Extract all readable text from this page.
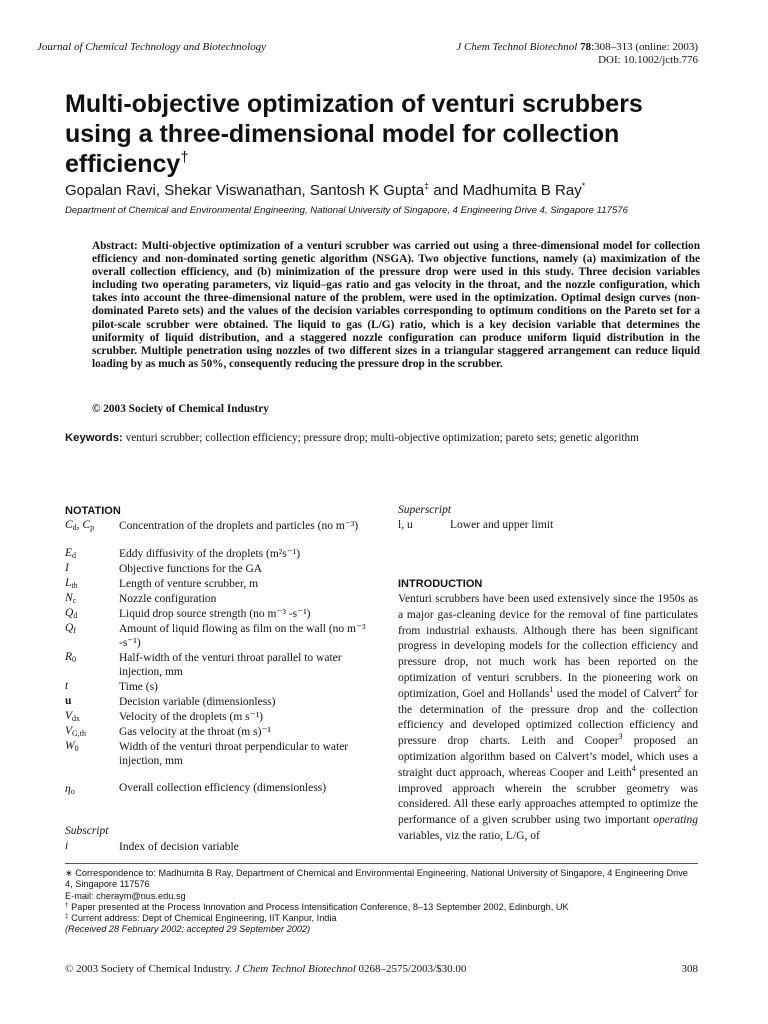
Journal of Chemical Technology and Biotechnology	J Chem Technol Biotechnol 78:308–313 (online: 2003)
DOI: 10.1002/jctb.776
Multi-objective optimization of venturi scrubbers using a three-dimensional model for collection efficiency†
Gopalan Ravi, Shekar Viswanathan, Santosh K Gupta‡ and Madhumita B Ray*
Department of Chemical and Environmental Engineering, National University of Singapore, 4 Engineering Drive 4, Singapore 117576
Abstract: Multi-objective optimization of a venturi scrubber was carried out using a three-dimensional model for collection efficiency and non-dominated sorting genetic algorithm (NSGA). Two objective functions, namely (a) maximization of the overall collection efficiency, and (b) minimization of the pressure drop were used in this study. Three decision variables including two operating parameters, viz liquid–gas ratio and gas velocity in the throat, and the nozzle configuration, which takes into account the three-dimensional nature of the problem, were used in the optimization. Optimal design curves (non-dominated Pareto sets) and the values of the decision variables corresponding to optimum conditions on the Pareto set for a pilot-scale scrubber were obtained. The liquid to gas (L/G) ratio, which is a key decision variable that determines the uniformity of liquid distribution, and a staggered nozzle configuration can produce uniform liquid distribution in the scrubber. Multiple penetration using nozzles of two different sizes in a triangular staggered arrangement can reduce liquid loading by as much as 50%, consequently reducing the pressure drop in the scrubber.
© 2003 Society of Chemical Industry
Keywords: venturi scrubber; collection efficiency; pressure drop; multi-objective optimization; pareto sets; genetic algorithm
NOTATION
$C_d$, $C_p$	Concentration of the droplets and particles (no m⁻³)
$E_d$	Eddy diffusivity of the droplets (m²s⁻¹)
I	Objective functions for the GA
$L_{th}$	Length of venture scrubber, m
$N_c$	Nozzle configuration
$Q_d$	Liquid drop source strength (no m⁻³ -s⁻¹)
$Q_f$	Amount of liquid flowing as film on the wall (no m⁻³ -s⁻¹)
$R_0$	Half-width of the venturi throat parallel to water injection, mm
t	Time (s)
u	Decision variable (dimensionless)
$V_{dx}$	Velocity of the droplets (m s⁻¹)
$V_{G,th}$	Gas velocity at the throat (m s)⁻¹
$W_0$	Width of the venturi throat perpendicular to water injection, mm
$\eta_o$	Overall collection efficiency (dimensionless)
Subscript
i	Index of decision variable
Superscript
l, u	Lower and upper limit
INTRODUCTION
Venturi scrubbers have been used extensively since the 1950s as a major gas-cleaning device for the removal of fine particulates from industrial exhausts. Although there has been significant progress in developing models for the collection efficiency and pressure drop, not much work has been reported on the optimization of venturi scrubbers. In the pioneering work on optimization, Goel and Hollands$^1$ used the model of Calvert$^2$ for the determination of the pressure drop and the collection efficiency and developed optimized collection efficiency and pressure drop charts. Leith and Cooper$^3$ proposed an optimization algorithm based on Calvert’s model, which uses a straight duct approach, whereas Cooper and Leith$^4$ presented an improved approach wherein the scrubber geometry was considered. All these early approaches attempted to optimize the performance of a given scrubber using two important operating variables, viz the ratio, L/G, of
∗ Correspondence to: Madhumita B Ray, Department of Chemical and Environmental Engineering, National University of Singapore, 4 Engineering Drive 4, Singapore 117576
E-mail: cheraym@nus.edu.sg
† Paper presented at the Process Innovation and Process Intensification Conference, 8–13 September 2002, Edinburgh, UK
‡ Current address: Dept of Chemical Engineering, IIT Kanpur, India
(Received 28 February 2002; accepted 29 September 2002)
© 2003 Society of Chemical Industry. J Chem Technol Biotechnol 0268–2575/2003/$30.00	308
